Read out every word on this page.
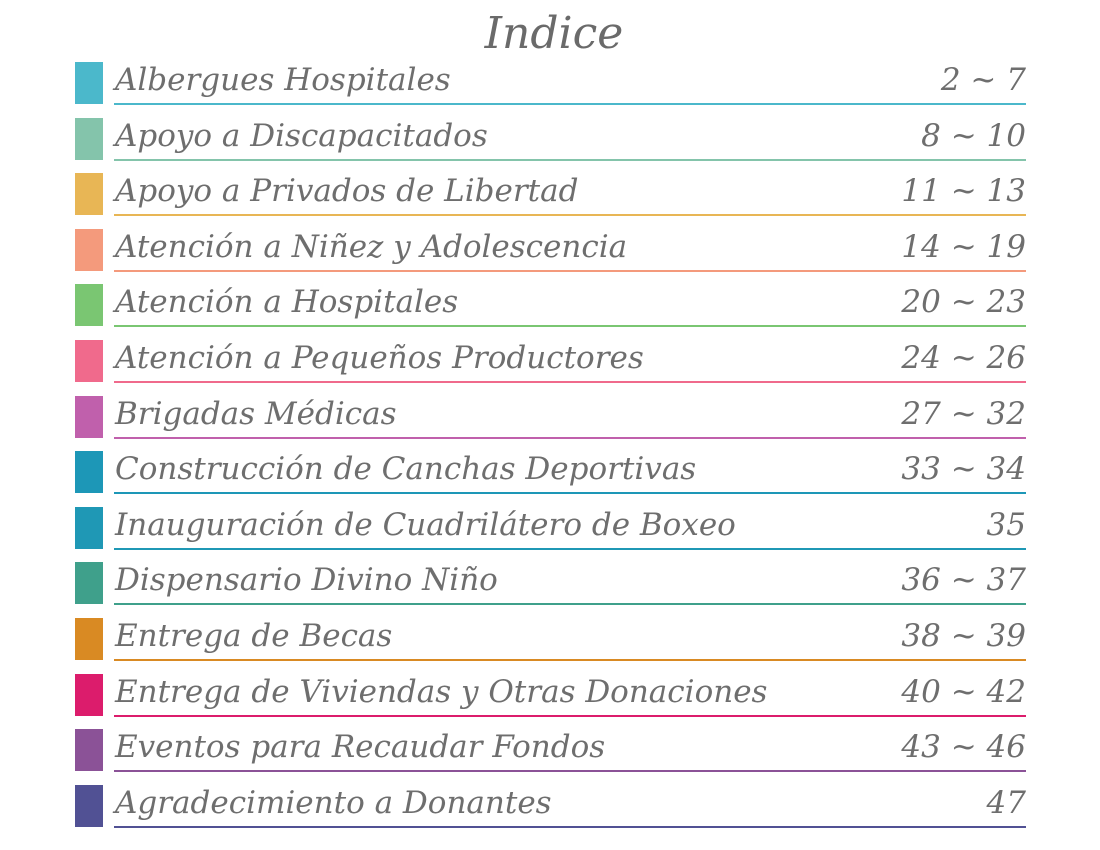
Indice
Albergues Hospitales	2 ~ 7
Apoyo a Discapacitados	8 ~ 10
Apoyo a Privados de Libertad	11 ~ 13
Atención a Niñez y Adolescencia	14 ~ 19
Atención a Hospitales	20 ~ 23
Atención a Pequeños Productores	24 ~ 26
Brigadas Médicas	27 ~ 32
Construcción de Canchas Deportivas	33 ~ 34
Inauguración de Cuadrilátero de Boxeo	35
Dispensario Divino Niño	36 ~ 37
Entrega de Becas	38 ~ 39
Entrega de Viviendas y Otras Donaciones	40 ~ 42
Eventos para Recaudar Fondos	43 ~ 46
Agradecimiento a Donantes	47
